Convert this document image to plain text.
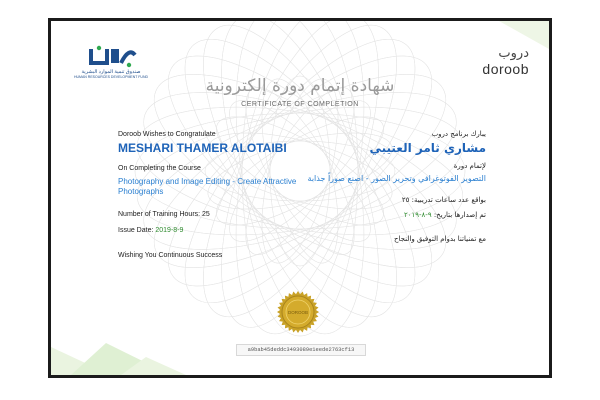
صندوق تنمية الموارد البشرية
HUMAN RESOURCES DEVELOPMENT FUND
دروب
doroob
شهادة إتمام دورة إلكترونية
CERTIFICATE OF COMPLETION
Doroob Wishes to Congratulate
MESHARI THAMER ALOTAIBI
On Completing the Course
Photography and Image Editing - Create Attractive Photographs
Number of Training Hours: 25
Issue Date: 2019-8-9
Wishing You Continuous Success
يبارك برنامج دروب
مشاري ثامر العتيبي
لإتمام دورة
التصوير الفوتوغرافي وتحرير الصور - اصنع صوراً جذابة
بواقع عدد ساعات تدريبية: ٢٥
تم إصدارها بتاريخ: ٩-٨-٢٠١٩
مع تمنياتنا بدوام التوفيق والنجاح
DOROOB
a9bab45deddc3493089e1eede2763cf13
